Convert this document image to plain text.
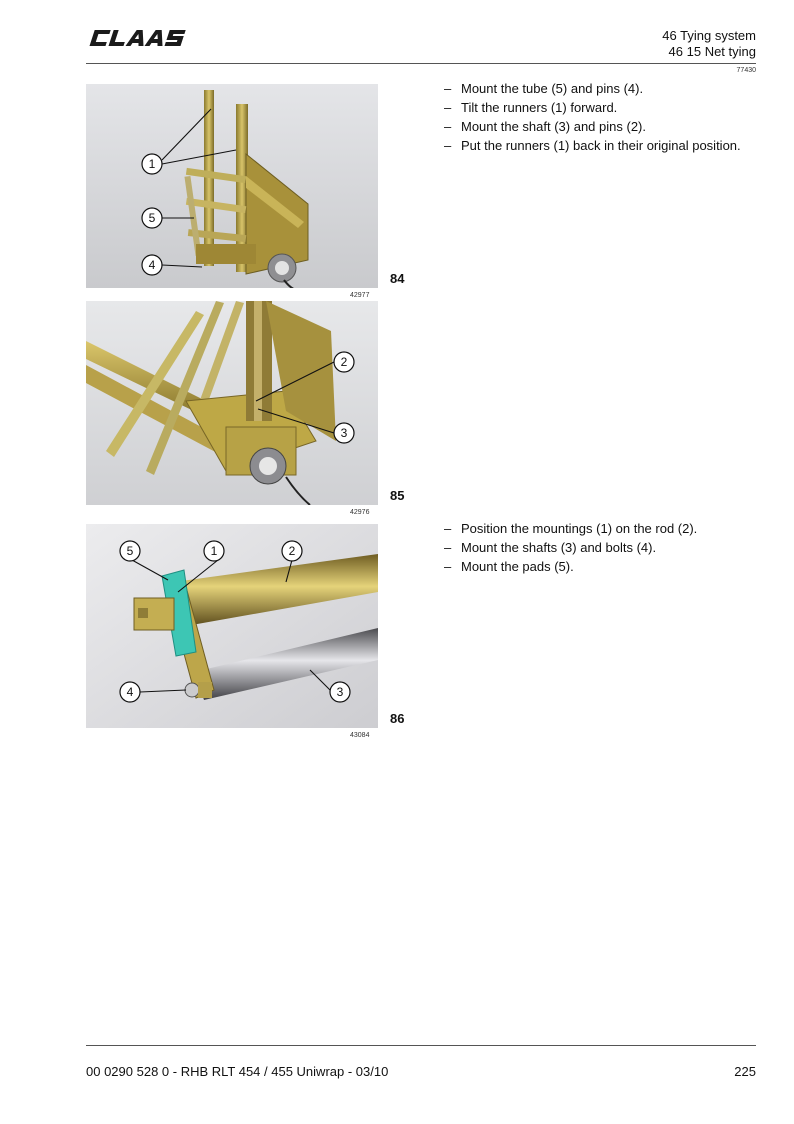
46 Tying system
46 15 Net tying
77430
1
5
4
84
42977
– Mount the tube (5) and pins (4).
– Tilt the runners (1) forward.
– Mount the shaft (3) and pins (2).
– Put the runners (1) back in their original position.
2
3
85
42976
5	1	2
4	3
86
43084
– Position the mountings (1) on the rod (2).
– Mount the shafts (3) and bolts (4).
– Mount the pads (5).
00 0290 528 0 - RHB RLT 454 / 455 Uniwrap - 03/10	225
